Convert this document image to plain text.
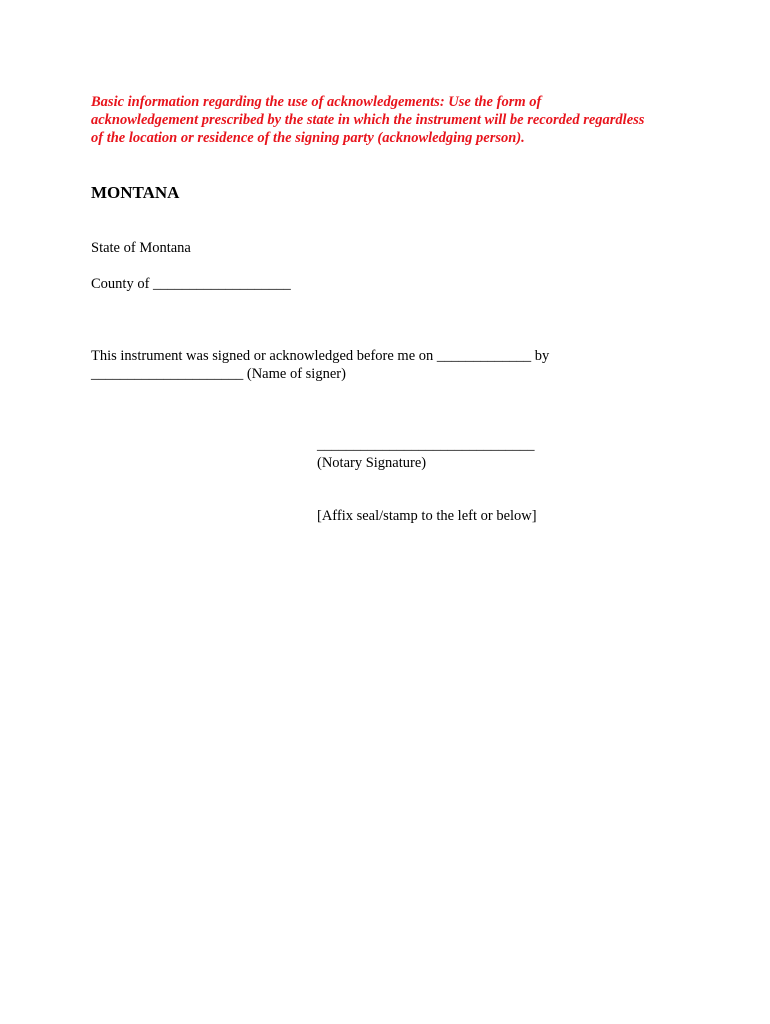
Basic information regarding the use of acknowledgements: Use the form of
acknowledgement prescribed by the state in which the instrument will be recorded regardless
of the location or residence of the signing party (acknowledging person).

MONTANA

State of Montana

County of ___________________

This instrument was signed or acknowledged before me on _____________ by

_____________________ (Name of signer)

______________________________

(Notary Signature)

[Affix seal/stamp to the left or below]
